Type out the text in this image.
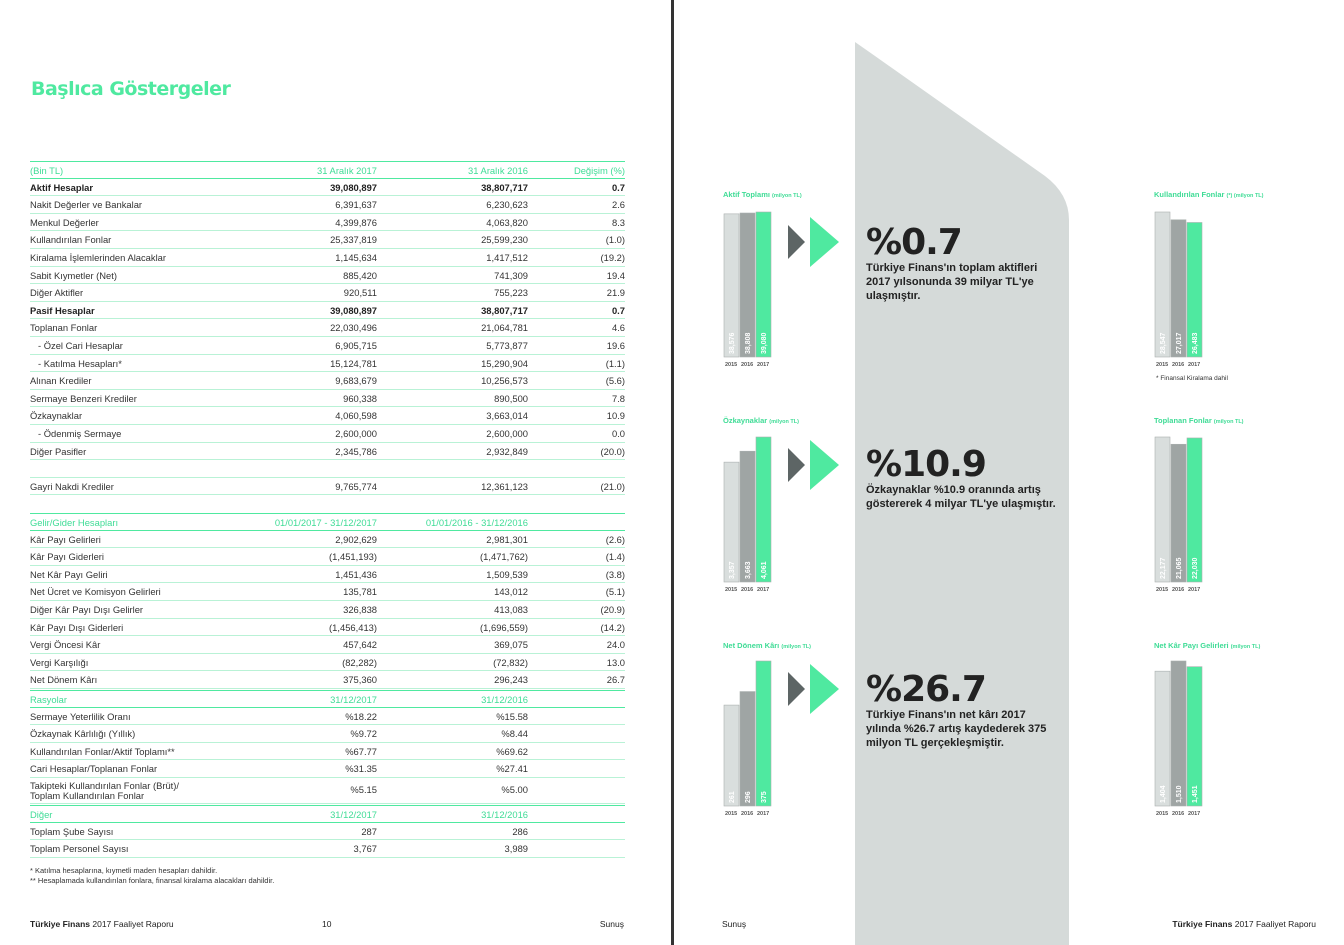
Başlıca Göstergeler
(Bin TL)	31 Aralık 2017	31 Aralık 2016	Değişim (%)
Aktif Hesaplar	39,080,897	38,807,717	0.7
Nakit Değerler ve Bankalar	6,391,637	6,230,623	2.6
Menkul Değerler	4,399,876	4,063,820	8.3
Kullandırılan Fonlar	25,337,819	25,599,230	(1.0)
Kiralama İşlemlerinden Alacaklar	1,145,634	1,417,512	(19.2)
Sabit Kıymetler (Net)	885,420	741,309	19.4
Diğer Aktifler	920,511	755,223	21.9
Pasif Hesaplar	39,080,897	38,807,717	0.7
Toplanan Fonlar	22,030,496	21,064,781	4.6
- Özel Cari Hesaplar	6,905,715	5,773,877	19.6
- Katılma Hesapları*	15,124,781	15,290,904	(1.1)
Alınan Krediler	9,683,679	10,256,573	(5.6)
Sermaye Benzeri Krediler	960,338	890,500	7.8
Özkaynaklar	4,060,598	3,663,014	10.9
- Ödenmiş Sermaye	2,600,000	2,600,000	0.0
Diğer Pasifler	2,345,786	2,932,849	(20.0)
Gayri Nakdi Krediler	9,765,774	12,361,123	(21.0)
Gelir/Gider Hesapları	01/01/2017 - 31/12/2017	01/01/2016 - 31/12/2016
Kâr Payı Gelirleri	2,902,629	2,981,301	(2.6)
Kâr Payı Giderleri	(1,451,193)	(1,471,762)	(1.4)
Net Kâr Payı Geliri	1,451,436	1,509,539	(3.8)
Net Ücret ve Komisyon Gelirleri	135,781	143,012	(5.1)
Diğer Kâr Payı Dışı Gelirler	326,838	413,083	(20.9)
Kâr Payı Dışı Giderleri	(1,456,413)	(1,696,559)	(14.2)
Vergi Öncesi Kâr	457,642	369,075	24.0
Vergi Karşılığı	(82,282)	(72,832)	13.0
Net Dönem Kârı	375,360	296,243	26.7
Rasyolar	31/12/2017	31/12/2016
Sermaye Yeterlilik Oranı	%18.22	%15.58
Özkaynak Kârlılığı (Yıllık)	%9.72	%8.44
Kullandırılan Fonlar/Aktif Toplamı**	%67.77	%69.62
Cari Hesaplar/Toplanan Fonlar	%31.35	%27.41
Takipteki Kullandırılan Fonlar (Brüt)/
Toplam Kullandırılan Fonlar
%5.15	%5.00
Diğer	31/12/2017	31/12/2016
Toplam Şube Sayısı	287	286
Toplam Personel Sayısı	3,767	3,989
* Katılma hesaplarına, kıymetli maden hesapları dahildir.
** Hesaplamada kullandırılan fonlara, finansal kiralama alacakları dahildir.
Türkiye Finans 2017 Faaliyet Raporu	10	Sunuş
Aktif Toplamı (milyon TL)
38,576 38,808 39,080
2015 2016 2017
Özkaynaklar (milyon TL)
3,357 3,663 4,061
2015 2016 2017
Net Dönem Kârı (milyon TL)
261 296 375
2015 2016 2017
Kullandırılan Fonlar (*) (milyon TL)
28,547 27,017 26,483
2015 2016 2017
* Finansal Kiralama dahil
Toplanan Fonlar (milyon TL)
22,177 21,065 22,030
2015 2016 2017
Net Kâr Payı Gelirleri (milyon TL)
1,404 1,510 1,451
2015 2016 2017
%0.7
Türkiye Finans'ın toplam aktifleri 2017 yılsonunda 39 milyar TL'ye ulaşmıştır.
%10.9
Özkaynaklar %10.9 oranında artış göstererek 4 milyar TL'ye ulaşmıştır.
%26.7
Türkiye Finans'ın net kârı 2017 yılında %26.7 artış kaydederek 375 milyon TL gerçekleşmiştir.
Sunuş	Türkiye Finans 2017 Faaliyet Raporu
